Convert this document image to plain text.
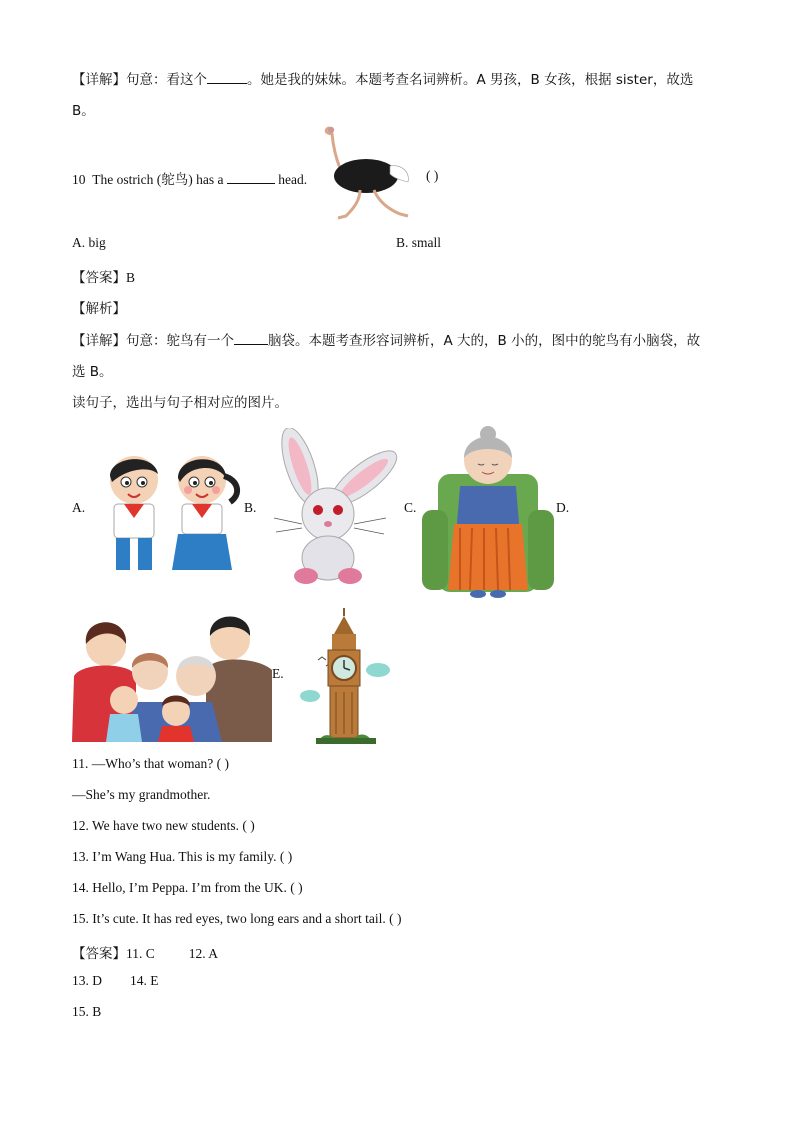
【详解】句意：看这个	。她是我的妹妹。本题考查名词辨析。A 男孩，B 女孩，根据 sister，故选
B。
10 The ostrich (鸵鸟) has a	head.	( )
A. big	B. small
【答案】B
【解析】
【详解】句意：鸵鸟有一个	脑袋。本题考查形容词辨析，A 大的，B 小的，图中的鸵鸟有小脑袋，故
选 B。
读句子，选出与句子相对应的图片。
A.	B.	C.	D.
E.
11. —Who’s that woman? ( )
—She’s my grandmother.
12. We have two new students. ( )
13. I’m Wang Hua. This is my family. ( )
14. Hello, I’m Peppa. I’m from the UK. ( )
15. It’s cute. It has red eyes, two long ears and a short tail. ( )
【答案】11. C	12. A
13. D 14. E
15. B
